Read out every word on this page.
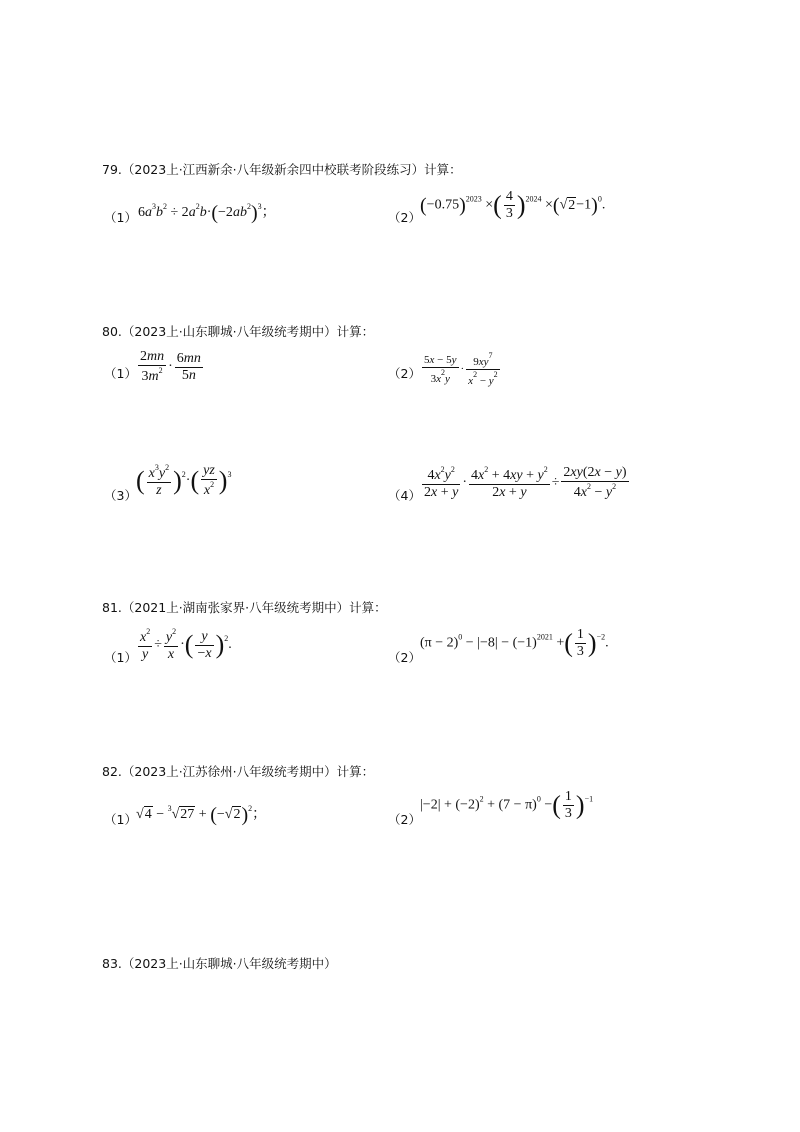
79.（2023上·江西新余·八年级新余四中校联考阶段练习）计算：
（1） $6a^3b^2 \div 2a^2b\cdot(-2ab^2)^3$；	（2）
$(-0.75)^{2023}$ ×( $\frac{4}{3} )^{2024} \times(√2-1)^0$.
80.（2023上·山东聊城·八年级统考期中）计算：
$(1) \frac{2mn}{3m^2} \cdot \frac{6mn}{5n}$	$(2) \frac{5x - 5y}{3x^2y} \cdot \frac{9xy^7}{x^2 - y^2}$
（3）
( $\frac{x^3y^2}{z} )^2\cdot( \frac{yz}{x^2} )^3$
$(4) \frac{4x^2y^2}{2x + y} \cdot \frac{4x^2 + 4xy + y^2}{2x + y} \div \frac{2xy(2x - y)}{4x^2 - y^2}$
81.（2021上·湖南张家界·八年级统考期中）计算：
$(1) \frac{x^2}{y} \div \frac{y^2}{x}$ ·( $\frac{y}{-x} )^2$.
（2）
$(\pi - 2)^0 - |-8| - (-1)^{2021}$ +( $\frac{1}{3} )^{-2}$.
82.（2023上·江苏徐州·八年级统考期中）计算：
（1） $√4 - ^3√27 + (-√2)^2$；	（2）
$|-2| + (-2)^2 + (7 - \pi)^0$ −( $\frac{1}{3} )^{-1}$
83.（2023上·山东聊城·八年级统考期中）
